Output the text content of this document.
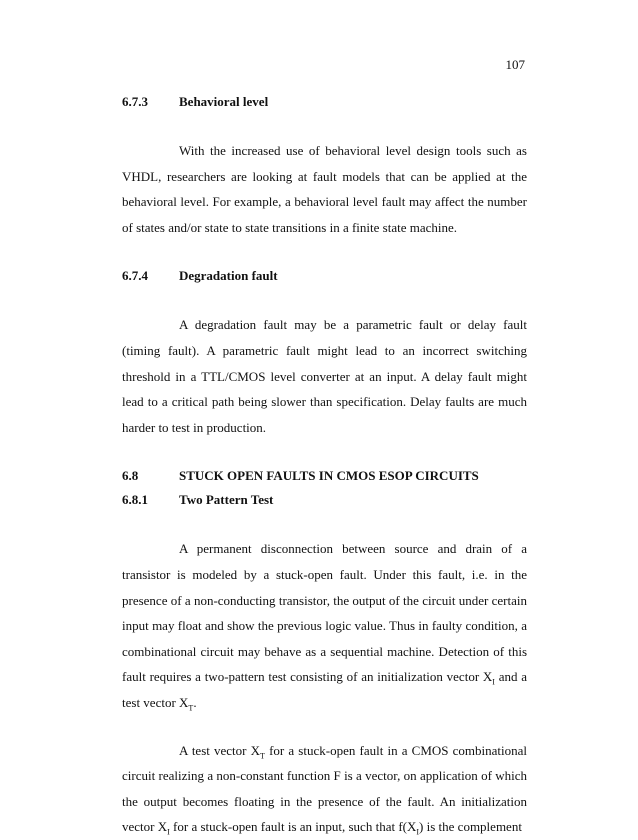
107
6.7.3	Behavioral level

With the increased use of behavioral level design tools such as VHDL, researchers are looking at fault models that can be applied at the behavioral level. For example, a behavioral level fault may affect the number of states and/or state to state transitions in a finite state machine.

6.7.4	Degradation fault

A degradation fault may be a parametric fault or delay fault (timing fault). A parametric fault might lead to an incorrect switching threshold in a TTL/CMOS level converter at an input. A delay fault might lead to a critical path being slower than specification. Delay faults are much harder to test in production.

6.8	STUCK OPEN FAULTS IN CMOS ESOP CIRCUITS
6.8.1	Two Pattern Test

A permanent disconnection between source and drain of a transistor is modeled by a stuck-open fault. Under this fault, i.e. in the presence of a non-conducting transistor, the output of the circuit under certain input may float and show the previous logic value. Thus in faulty condition, a combinational circuit may behave as a sequential machine. Detection of this fault requires a two-pattern test consisting of an initialization vector $X_I$ and a test vector $X_T$.

A test vector $X_T$ for a stuck-open fault in a CMOS combinational circuit realizing a non-constant function F is a vector, on application of which the output becomes floating in the presence of the fault. An initialization vector $X_I$ for a stuck-open fault is an input, such that $f(X_I)$ is the complement
